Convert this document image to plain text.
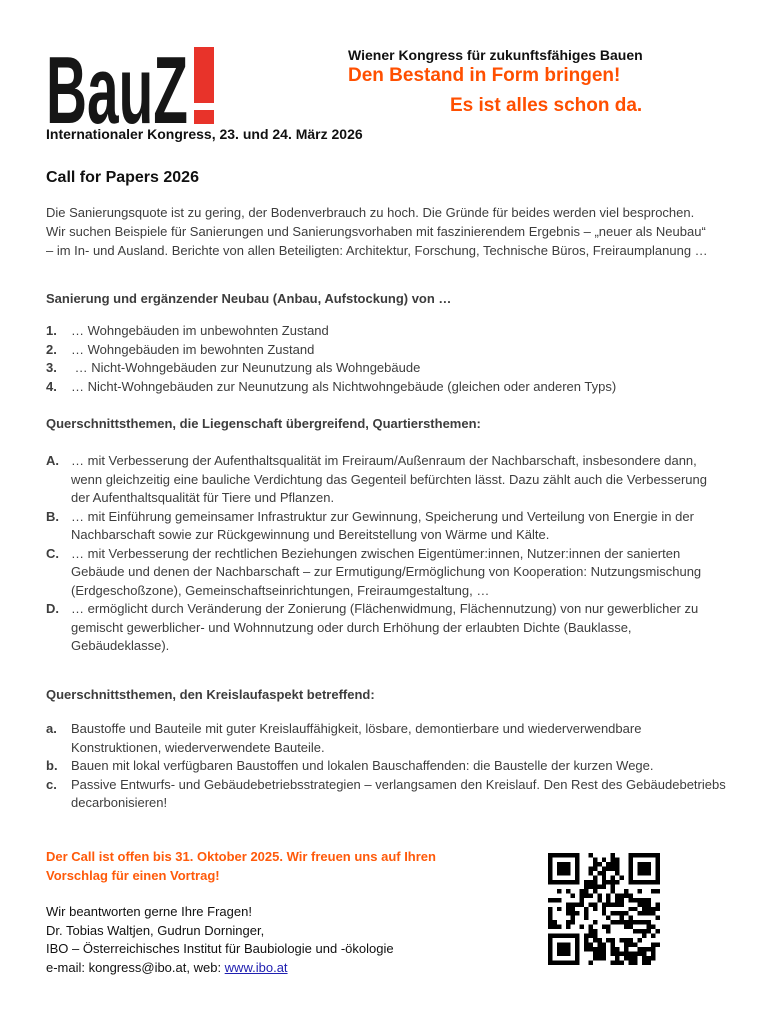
BauZ	Wiener Kongress für zukunftsfähiges Bauen
Den Bestand in Form bringen!
Es ist alles schon da.
Internationaler Kongress, 23. und 24. März 2026
Call for Papers 2026
Die Sanierungsquote ist zu gering, der Bodenverbrauch zu hoch. Die Gründe für beides werden viel besprochen. Wir suchen Beispiele für Sanierungen und Sanierungsvorhaben mit faszinierendem Ergebnis – „neuer als Neubau“ – im In- und Ausland. Berichte von allen Beteiligten: Architektur, Forschung, Technische Büros, Freiraumplanung …
Sanierung und ergänzender Neubau (Anbau, Aufstockung) von …
1.	… Wohngebäuden im unbewohnten Zustand
2.	… Wohngebäuden im bewohnten Zustand
3.	… Nicht-Wohngebäuden zur Neunutzung als Wohngebäude
4.	… Nicht-Wohngebäuden zur Neunutzung als Nichtwohngebäude (gleichen oder anderen Typs)
Querschnittsthemen, die Liegenschaft übergreifend, Quartiersthemen:
A. … mit Verbesserung der Aufenthaltsqualität im Freiraum/Außenraum der Nachbarschaft, insbesondere dann, wenn gleichzeitig eine bauliche Verdichtung das Gegenteil befürchten lässt. Dazu zählt auch die Verbesserung der Aufenthaltsqualität für Tiere und Pflanzen.
B. … mit Einführung gemeinsamer Infrastruktur zur Gewinnung, Speicherung und Verteilung von Energie in der Nachbarschaft sowie zur Rückgewinnung und Bereitstellung von Wärme und Kälte.
C. … mit Verbesserung der rechtlichen Beziehungen zwischen Eigentümer:innen, Nutzer:innen der sanierten Gebäude und denen der Nachbarschaft – zur Ermutigung/Ermöglichung von Kooperation: Nutzungsmischung (Erdgeschoßzone), Gemeinschaftseinrichtungen, Freiraumgestaltung, …
D. … ermöglicht durch Veränderung der Zonierung (Flächenwidmung, Flächennutzung) von nur gewerblicher zu gemischt gewerblicher- und Wohnnutzung oder durch Erhöhung der erlaubten Dichte (Bauklasse, Gebäudeklasse).
Querschnittsthemen, den Kreislaufaspekt betreffend:
a.	Baustoffe und Bauteile mit guter Kreislauffähigkeit, lösbare, demontierbare und wiederverwendbare Konstruktionen, wiederverwendete Bauteile.
b.	Bauen mit lokal verfügbaren Baustoffen und lokalen Bauschaffenden: die Baustelle der kurzen Wege.
c.	Passive Entwurfs- und Gebäudebetriebsstrategien – verlangsamen den Kreislauf. Den Rest des Gebäudebetriebs decarbonisieren!
Der Call ist offen bis 31. Oktober 2025. Wir freuen uns auf Ihren Vorschlag für einen Vortrag!
Wir beantworten gerne Ihre Fragen!
Dr. Tobias Waltjen, Gudrun Dorninger,
IBO – Österreichisches Institut für Baubiologie und -ökologie
e-mail: kongress@ibo.at, web: www.ibo.at
